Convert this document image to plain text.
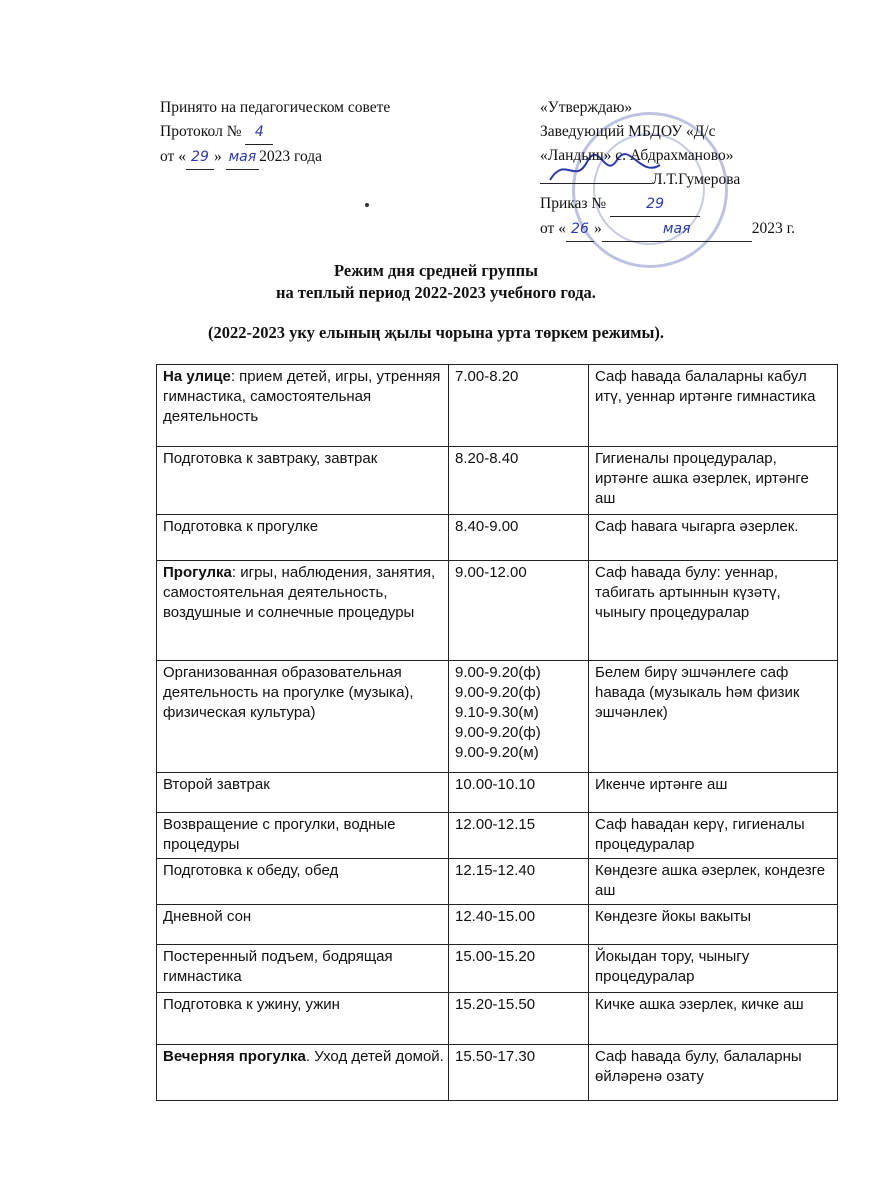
Принято на педагогическом совете
Протокол № 4
от « 29 » мая 2023 года
«Утверждаю»
Заведующий МБДОУ «Д/с
«Ландыш» с. Абдрахманово»
Л.Т.Гумерова
Приказ №	29
от « 26 »	мая	2023 г.
Режим дня средней группы
на теплый период 2022-2023 учебного года.
(2022-2023 уку елының җылы чорына урта төркем режимы).
На улице: прием детей, игры, утренняя гимнастика, самостоятельная деятельность	7.00-8.20	Саф һавада балаларны кабул итү, уеннар иртәнге гимнастика
Подготовка к завтраку, завтрак	8.20-8.40	Гигиеналы процедуралар, иртәнге ашка әзерлек, иртәнге аш
Подготовка к прогулке	8.40-9.00	Саф һавага чыгарга әзерлек.
Прогулка: игры, наблюдения, занятия, самостоятельная деятельность, воздушные и солнечные процедуры	9.00-12.00	Саф һавада булу: уеннар, табигать артыннын күзәтү, чыныгу процедуралар
Организованная образовательная деятельность на прогулке (музыка), физическая культура)	9.00-9.20(ф)
9.00-9.20(ф)
9.10-9.30(м)
9.00-9.20(ф)
9.00-9.20(м)	Белем бирү эшчәнлеге саф һавада (музыкаль һәм физик эшчәнлек)
Второй завтрак	10.00-10.10	Икенче иртәнге аш
Возвращение с прогулки, водные процедуры	12.00-12.15	Саф һавадан керү, гигиеналы процедуралар
Подготовка к обеду, обед	12.15-12.40	Көндезге ашка әзерлек, кондезге аш
Дневной сон	12.40-15.00	Көндезге йокы вакыты
Постеренный подъем, бодрящая гимнастика	15.00-15.20	Йокыдан тору, чыныгу процедуралар
Подготовка к ужину, ужин	15.20-15.50	Кичке ашка эзерлек, кичке аш
Вечерняя прогулка. Уход детей домой.	15.50-17.30	Саф һавада булу, балаларны өйләренә озату
